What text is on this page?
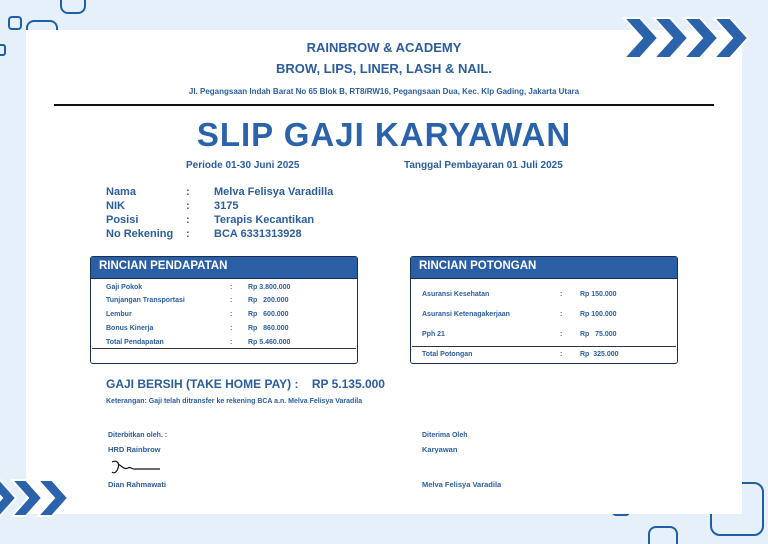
RAINBROW & ACADEMY
BROW, LIPS, LINER, LASH & NAIL.
Jl. Pegangsaan Indah Barat No 65 Blok B, RT8/RW16, Pegangsaan Dua, Kec. Klp Gading, Jakarta Utara
SLIP GAJI KARYAWAN
Periode 01-30 Juni 2025	Tanggal Pembayaran 01 Juli 2025
Nama	:	Melva Felisya Varadilla
NIK	:	3175
Posisi	:	Terapis Kecantikan
No Rekening	:	BCA 6331313928
RINCIAN PENDAPATAN
Gaji Pokok	:	Rp 3.800.000
Tunjangan Transportasi	:	Rp   200.000
Lembur	:	Rp   600.000
Bonus Kinerja	:	Rp   860.000
Total Pendapatan	:	Rp 5.460.000
RINCIAN POTONGAN
Asuransi Kesehatan	:	Rp 150.000
Asuransi Ketenagakerjaan	:	Rp 100.000
Pph 21	:	Rp   75.000
Total Potongan	:	Rp  325.000
GAJI BERSIH (TAKE HOME PAY) : RP 5.135.000
Keterangan: Gaji telah ditransfer ke rekening BCA a.n. Melva Felisya Varadila
Diterbitkan oleh. :
HRD Rainbrow
Dian Rahmawati
Diterima Oleh
Karyawan
Melva Felisya Varadila
